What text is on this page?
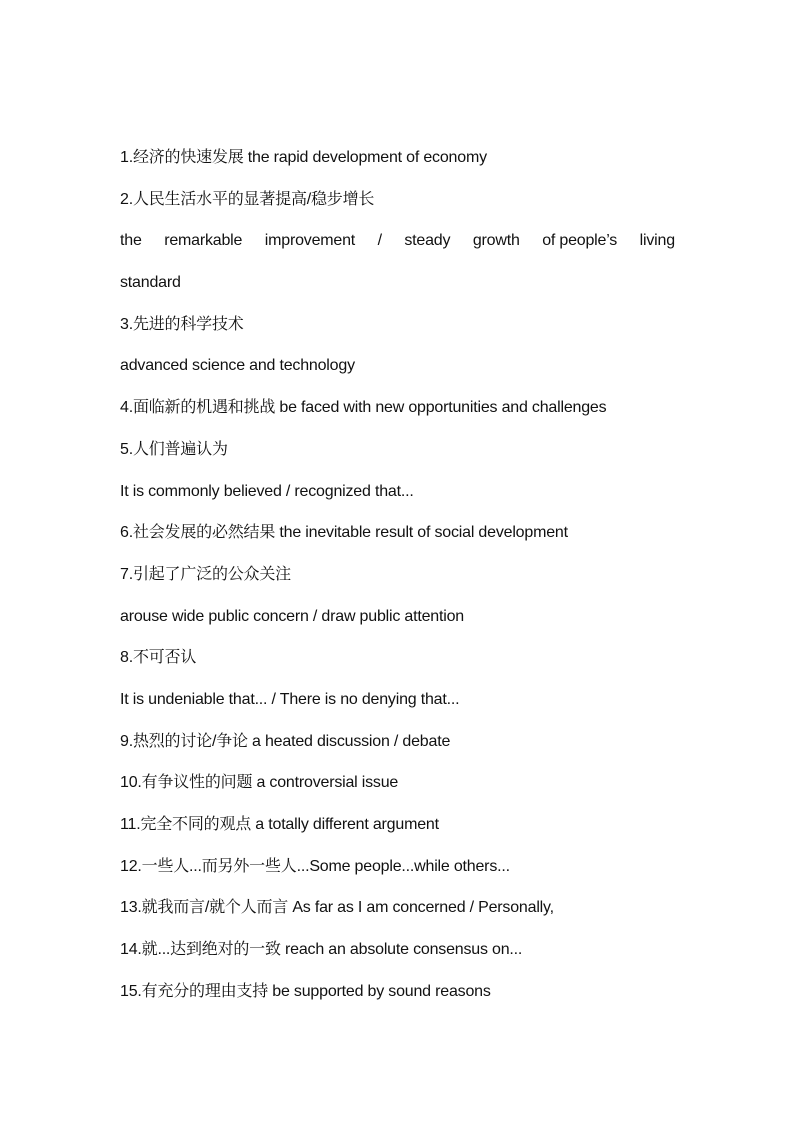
1.经济的快速发展 the rapid development of economy
2.人民生活水平的显著提高/稳步增长
the remarkable improvement / steady growth of people’s living
standard
3.先进的科学技术
advanced science and technology
4.面临新的机遇和挑战 be faced with new opportunities and challenges
5.人们普遍认为
It is commonly believed / recognized that...
6.社会发展的必然结果 the inevitable result of social development
7.引起了广泛的公众关注
arouse wide public concern / draw public attention
8.不可否认
It is undeniable that... / There is no denying that...
9.热烈的讨论/争论 a heated discussion / debate
10.有争议性的问题 a controversial issue
11.完全不同的观点 a totally different argument
12.一些人...而另外一些人...Some people...while others...
13.就我而言/就个人而言 As far as I am concerned / Personally,
14.就...达到绝对的一致 reach an absolute consensus on...
15.有充分的理由支持 be supported by sound reasons
